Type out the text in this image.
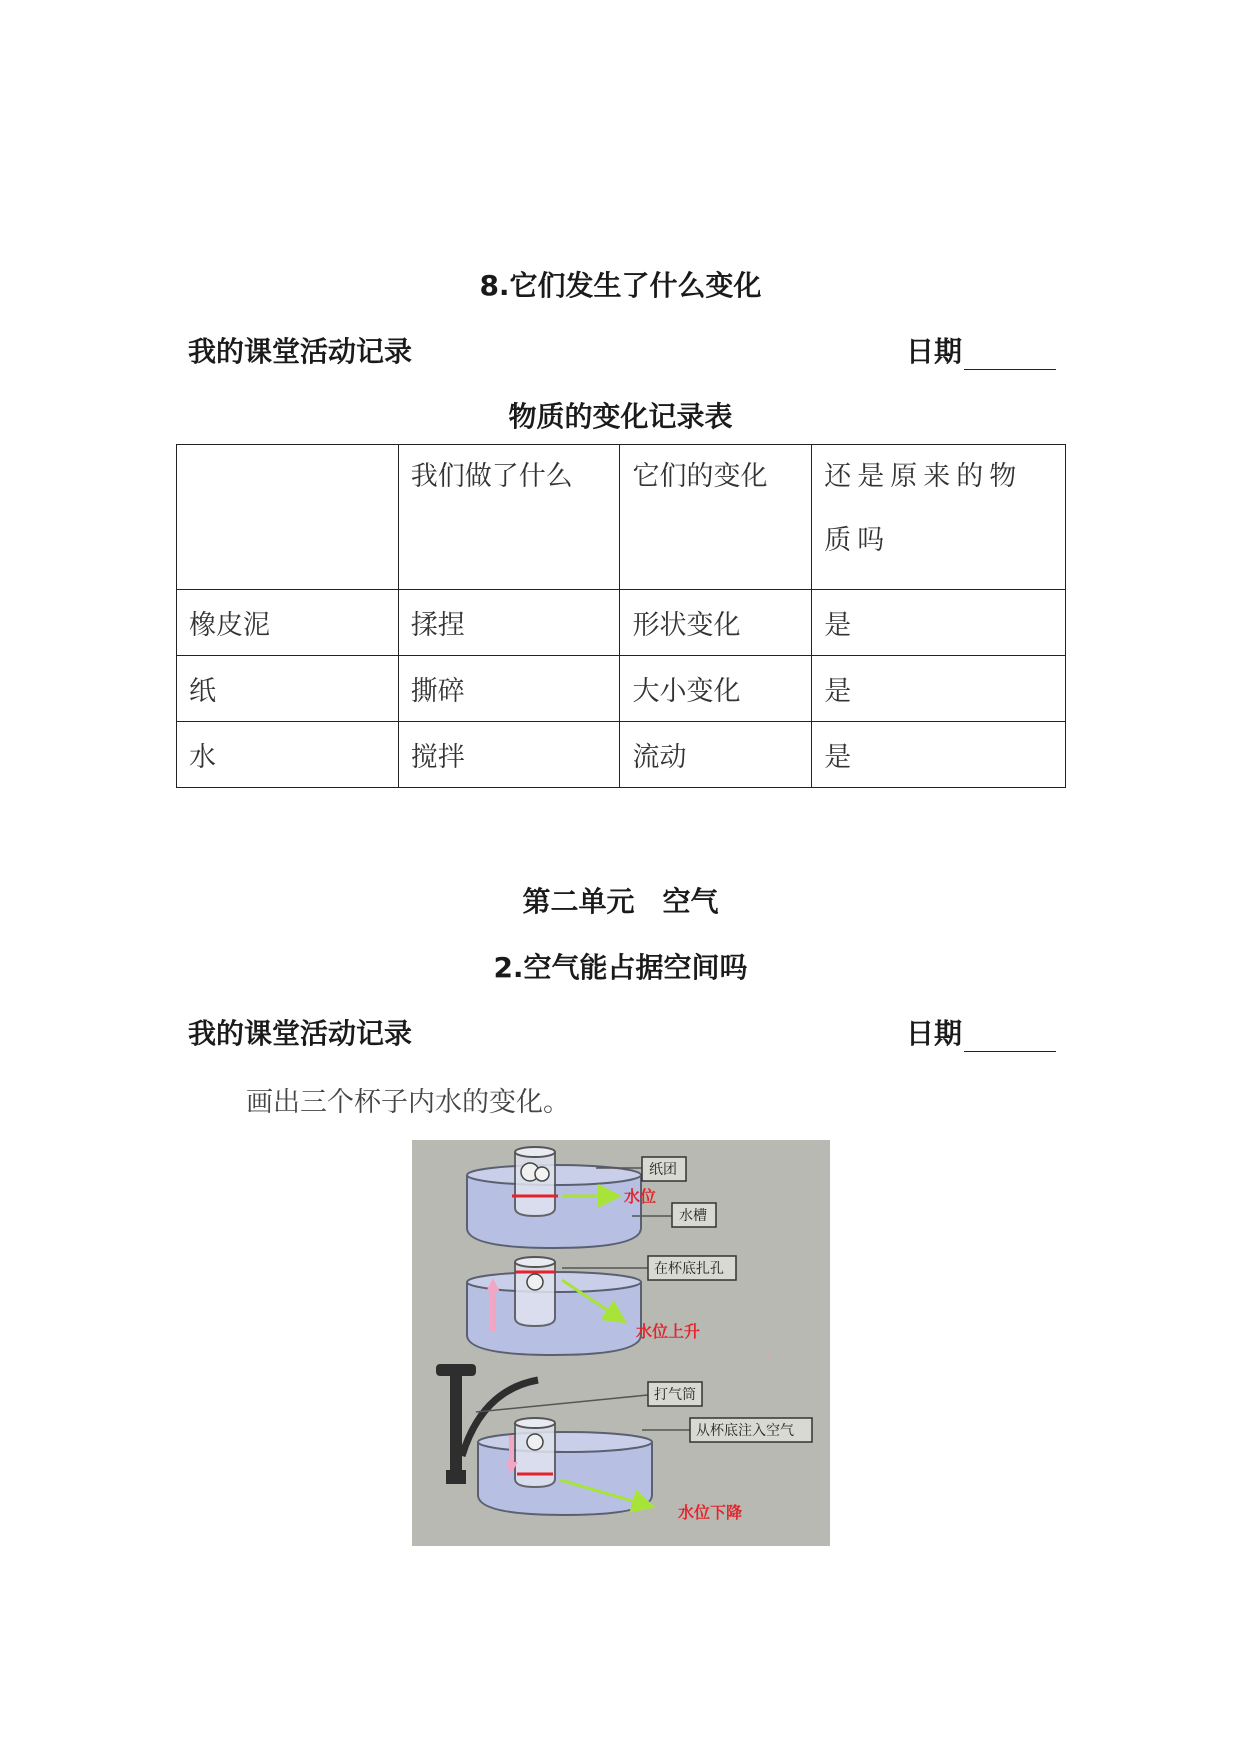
8.它们发生了什么变化
我的课堂活动记录	日期
物质的变化记录表

	我们做了什么	它们的变化	还是原来的物质吗

橡皮泥	揉捏	形状变化	是
纸	撕碎	大小变化	是
水	搅拌	流动	是
第二单元　空气
2.空气能占据空间吗
我的课堂活动记录	日期
画出三个杯子内水的变化。
纸团
水位
水槽
在杯底扎孔
水位上升
打气筒
从杯底注入空气
水位下降
